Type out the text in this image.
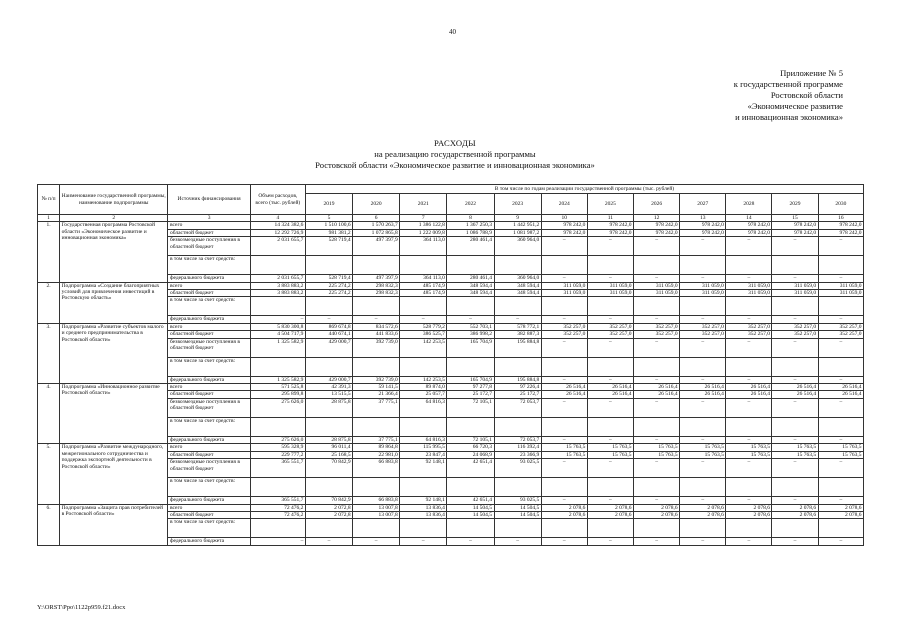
40
Приложение № 5
к государственной программе
Ростовской области
«Экономическое развитие
и инновационная экономика»
РАСХОДЫ
на реализацию государственной программы
Ростовской области «Экономическое развитие и инновационная экономика»
№ п/п	Наименование государственной программы, наименование подпрограммы	Источник финансирования	Объем расходов, всего (тыс. рублей)	В том числе по годам реализации государственной программы (тыс. рублей)											
				2019	2020	2021	2022	2023	2024	2025	2026	2027	2028	2029	2030
1	2	3	4	5	6	7	8	9	10	11	12	13	14	15	16
1.	Государственная программа Ростовской области «Экономическое развитие и инновационная экономика»	всего	14 324 382,6	1 510 100,6	1 570 263,7	1 386 122,8	1 367 250,3	1 442 951,2	978 242,0	978 242,0	978 242,0	978 242,0	978 242,0	978 242,0	978 242,0
		областной бюджет	12 292 726,9	981 381,2	1 072 865,8	1 222 009,8	1 086 788,9	1 081 987,2	978 242,0	978 242,0	978 242,0	978 242,0	978 242,0	978 242,0	978 242,0
		безвозмездные поступления в областной бюджет	2 031 655,7	528 719,4	497 397,9	364 113,0	280 461,4	360 964,0	–	–	–	–	–	–	–
		в том числе за счет средств:													
		федерального бюджета	2 031 655,7	528 719,4	497 397,9	364 113,0	280 461,4	360 964,0	–	–	–	–	–	–	–
2.	Подпрограмма «Создание благоприятных условий для привлечения инвестиций в Ростовскую область»	всего	3 883 883,2	225 274,2	298 832,3	485 174,9	348 594,4	348 594,4	311 059,0	311 059,0	311 059,0	311 059,0	311 059,0	311 059,0	311 059,0
		областной бюджет	3 883 883,2	225 274,2	298 832,3	485 174,9	348 594,4	348 594,4	311 059,0	311 059,0	311 059,0	311 059,0	311 059,0	311 059,0	311 059,0
		в том числе за счет средств:													
		федерального бюджета	–	–	–	–	–	–	–	–	–	–	–	–	–
3.	Подпрограмма «Развитие субъектов малого и среднего предпринимательства в Ростовской области»	всего	5 830 300,8	869 674,8	834 572,6	528 779,2	552 703,1	578 772,1	352 257,0	352 257,0	352 257,0	352 257,0	352 257,0	352 257,0	352 257,0
		областной бюджет	4 504 717,9	440 674,1	441 833,6	386 525,7	386 998,2	382 887,3	352 257,0	352 257,0	352 257,0	352 257,0	352 257,0	352 257,0	352 257,0
		безвозмездные поступления в областной бюджет	1 325 582,9	429 000,7	392 739,0	142 253,5	165 704,9	195 884,8	–	–	–	–	–	–	–
		в том числе за счет средств:													
		федерального бюджета	1 325 582,9	429 000,7	392 739,0	142 253,5	165 704,9	195 884,8	–	–	–	–	–	–	–
4.	Подпрограмма «Инновационное развитие Ростовской области»	всего	571 525,8	42 391,3	59 141,5	89 874,0	97 277,8	97 226,4	26 516,4	26 516,4	26 516,4	26 516,4	26 516,4	26 516,4	26 516,4
		областной бюджет	295 899,8	13 515,5	21 366,4	25 057,7	25 172,7	25 172,7	26 516,4	26 516,4	26 516,4	26 516,4	26 516,4	26 516,4	26 516,4
		безвозмездные поступления в областной бюджет	275 626,0	28 875,8	37 775,1	64 816,3	72 105,1	72 053,7	–	–	–	–	–	–	–
		в том числе за счет средств:													
		федерального бюджета	275 626,0	28 875,8	37 775,1	64 816,3	72 105,1	72 053,7	–	–	–	–	–	–	–
5.	Подпрограмма «Развитие международного, межрегионального сотрудничества и поддержка экспортной деятельности в Ростовской области»	всего	595 328,9	96 011,4	89 864,8	115 995,5	66 720,3	116 392,4	15 763,5	15 763,5	15 763,5	15 763,5	15 763,5	15 763,5	15 763,5
		областной бюджет	229 777,2	25 168,5	22 981,0	23 847,4	24 068,9	23 366,9	15 763,5	15 763,5	15 763,5	15 763,5	15 763,5	15 763,5	15 763,5
		безвозмездные поступления в областной бюджет	365 551,7	70 842,9	66 883,8	92 148,1	42 651,4	93 025,5	–	–	–	–	–	–	–
		в том числе за счет средств:													
		федерального бюджета	365 551,7	70 842,9	66 883,8	92 148,1	42 651,4	93 025,5	–	–	–	–	–	–	–
6.	Подпрограмма «Защита прав потребителей в Ростовской области»	всего	72 476,2	2 072,8	13 007,8	13 836,4	14 504,5	14 504,5	2 078,6	2 078,6	2 078,6	2 078,6	2 078,6	2 078,6	2 078,6
		областной бюджет	72 476,2	2 072,8	13 007,8	13 836,4	14 504,5	14 504,5	2 078,6	2 078,6	2 078,6	2 078,6	2 078,6	2 078,6	2 078,6
		в том числе за счет средств:													
		федерального бюджета	–	–	–	–	–	–	–	–	–	–	–	–	–
Y:\ORST\Ppo\1122p959.f21.docx
